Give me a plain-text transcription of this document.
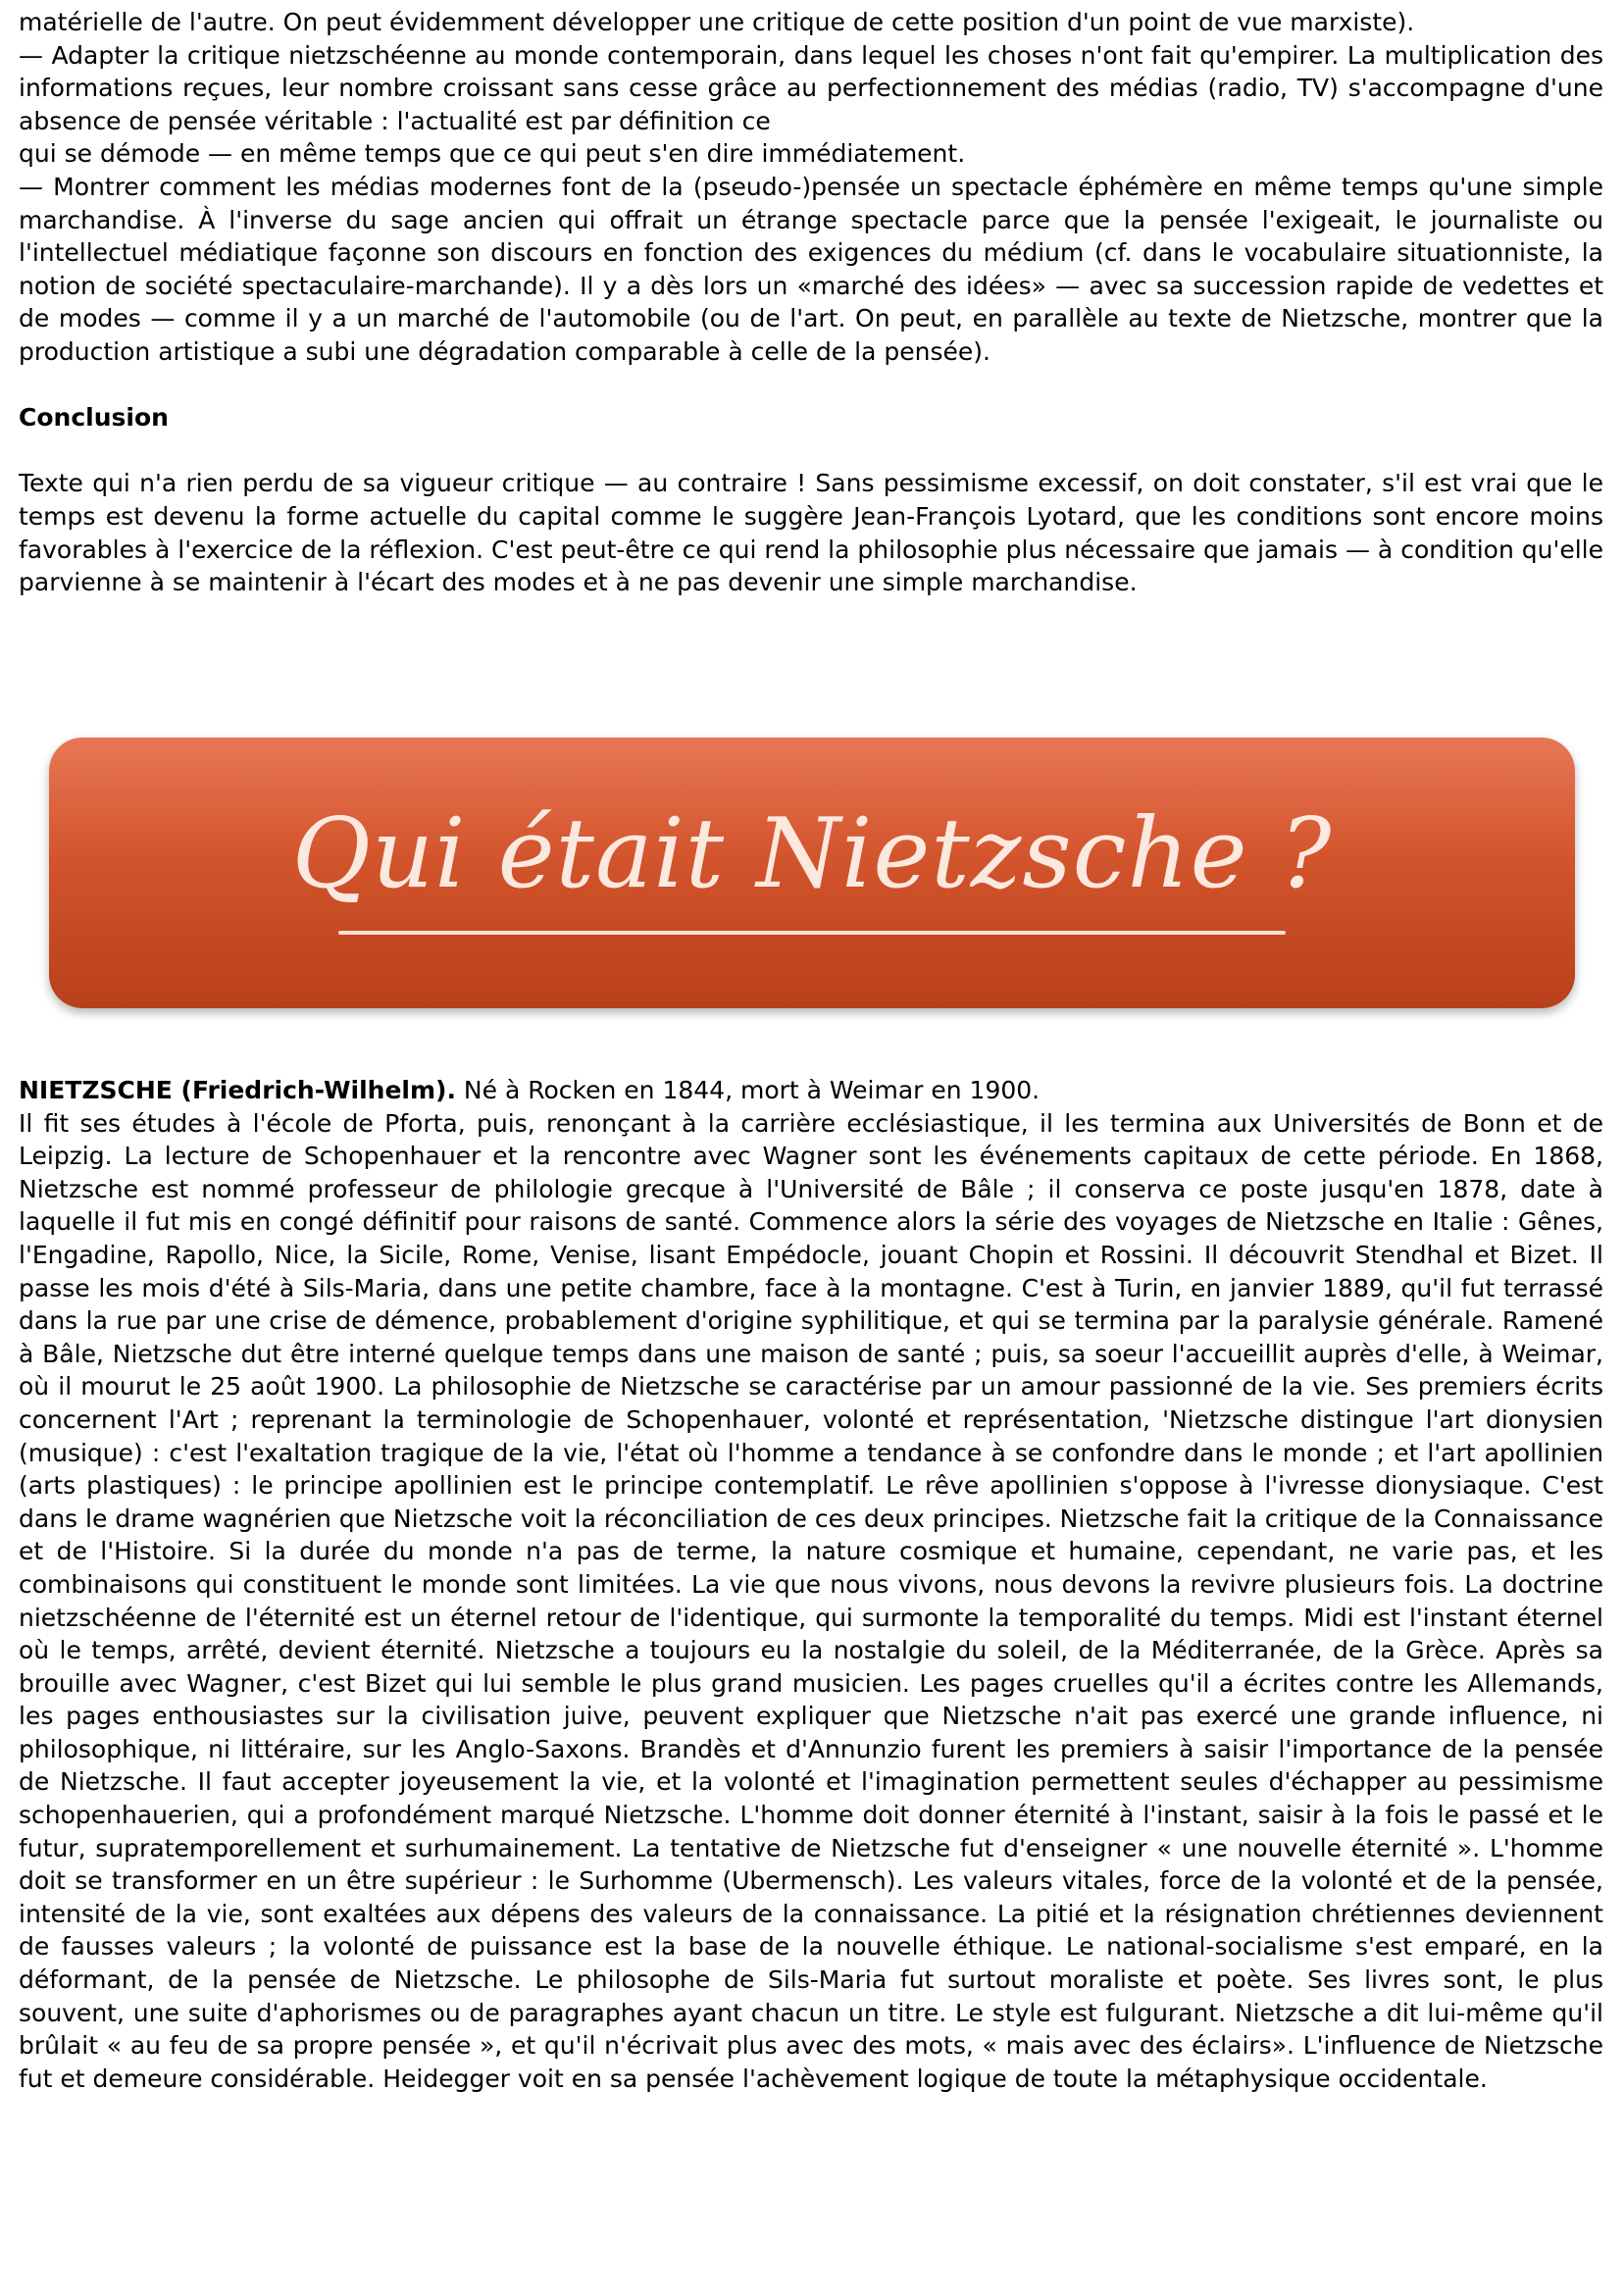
matérielle de l'autre. On peut évidemment développer une critique de cette position d'un point de vue marxiste).

— Adapter la critique nietzschéenne au monde contemporain, dans lequel les choses n'ont fait qu'empirer. La multiplication des informations reçues, leur nombre croissant sans cesse grâce au perfectionnement des médias (radio, TV) s'accompagne d'une absence de pensée véritable : l'actualité est par définition ce

qui se démode — en même temps que ce qui peut s'en dire immédiatement.

— Montrer comment les médias modernes font de la (pseudo-)pensée un spectacle éphémère en même temps qu'une simple marchandise. À l'inverse du sage ancien qui offrait un étrange spectacle parce que la pensée l'exigeait, le journaliste ou l'intellectuel médiatique façonne son discours en fonction des exigences du médium (cf. dans le vocabulaire situationniste, la notion de société spectaculaire-marchande). Il y a dès lors un «marché des idées» — avec sa succession rapide de vedettes et de modes — comme il y a un marché de l'automobile (ou de l'art. On peut, en parallèle au texte de Nietzsche, montrer que la production artistique a subi une dégradation comparable à celle de la pensée).

Conclusion

Texte qui n'a rien perdu de sa vigueur critique — au contraire ! Sans pessimisme excessif, on doit constater, s'il est vrai que le temps est devenu la forme actuelle du capital comme le suggère Jean-François Lyotard, que les conditions sont encore moins favorables à l'exercice de la réflexion. C'est peut-être ce qui rend la philosophie plus nécessaire que jamais — à condition qu'elle parvienne à se maintenir à l'écart des modes et à ne pas devenir une simple marchandise.

Qui était Nietzsche ?

NIETZSCHE (Friedrich-Wilhelm). Né à Rocken en 1844, mort à Weimar en 1900.

Il fit ses études à l'école de Pforta, puis, renonçant à la carrière ecclésiastique, il les termina aux Universités de Bonn et de Leipzig. La lecture de Schopenhauer et la rencontre avec Wagner sont les événements capitaux de cette période. En 1868, Nietzsche est nommé professeur de philologie grecque à l'Université de Bâle ; il conserva ce poste jusqu'en 1878, date à laquelle il fut mis en congé définitif pour raisons de santé. Commence alors la série des voyages de Nietzsche en Italie : Gênes, l'Engadine, Rapollo, Nice, la Sicile, Rome, Venise, lisant Empédocle, jouant Chopin et Rossini. Il découvrit Stendhal et Bizet. Il passe les mois d'été à Sils-Maria, dans une petite chambre, face à la montagne. C'est à Turin, en janvier 1889, qu'il fut terrassé dans la rue par une crise de démence, probablement d'origine syphilitique, et qui se termina par la paralysie générale. Ramené à Bâle, Nietzsche dut être interné quelque temps dans une maison de santé ; puis, sa soeur l'accueillit auprès d'elle, à Weimar, où il mourut le 25 août 1900. La philosophie de Nietzsche se caractérise par un amour passionné de la vie. Ses premiers écrits concernent l'Art ; reprenant la terminologie de Schopenhauer, volonté et représentation, 'Nietzsche distingue l'art dionysien (musique) : c'est l'exaltation tragique de la vie, l'état où l'homme a tendance à se confondre dans le monde ; et l'art apollinien (arts plastiques) : le principe apollinien est le principe contemplatif. Le rêve apollinien s'oppose à l'ivresse dionysiaque. C'est dans le drame wagnérien que Nietzsche voit la réconciliation de ces deux principes. Nietzsche fait la critique de la Connaissance et de l'Histoire. Si la durée du monde n'a pas de terme, la nature cosmique et humaine, cependant, ne varie pas, et les combinaisons qui constituent le monde sont limitées. La vie que nous vivons, nous devons la revivre plusieurs fois. La doctrine nietzschéenne de l'éternité est un éternel retour de l'identique, qui surmonte la temporalité du temps. Midi est l'instant éternel où le temps, arrêté, devient éternité. Nietzsche a toujours eu la nostalgie du soleil, de la Méditerranée, de la Grèce. Après sa brouille avec Wagner, c'est Bizet qui lui semble le plus grand musicien. Les pages cruelles qu'il a écrites contre les Allemands, les pages enthousiastes sur la civilisation juive, peuvent expliquer que Nietzsche n'ait pas exercé une grande influence, ni philosophique, ni littéraire, sur les Anglo-Saxons. Brandès et d'Annunzio furent les premiers à saisir l'importance de la pensée de Nietzsche. Il faut accepter joyeusement la vie, et la volonté et l'imagination permettent seules d'échapper au pessimisme schopenhauerien, qui a profondément marqué Nietzsche. L'homme doit donner éternité à l'instant, saisir à la fois le passé et le futur, supratemporellement et surhumainement. La tentative de Nietzsche fut d'enseigner « une nouvelle éternité ». L'homme doit se transformer en un être supérieur : le Surhomme (Ubermensch). Les valeurs vitales, force de la volonté et de la pensée, intensité de la vie, sont exaltées aux dépens des valeurs de la connaissance. La pitié et la résignation chrétiennes deviennent de fausses valeurs ; la volonté de puissance est la base de la nouvelle éthique. Le national-socialisme s'est emparé, en la déformant, de la pensée de Nietzsche. Le philosophe de Sils-Maria fut surtout moraliste et poète. Ses livres sont, le plus souvent, une suite d'aphorismes ou de paragraphes ayant chacun un titre. Le style est fulgurant. Nietzsche a dit lui-même qu'il brûlait « au feu de sa propre pensée », et qu'il n'écrivait plus avec des mots, « mais avec des éclairs». L'influence de Nietzsche fut et demeure considérable. Heidegger voit en sa pensée l'achèvement logique de toute la métaphysique occidentale.
